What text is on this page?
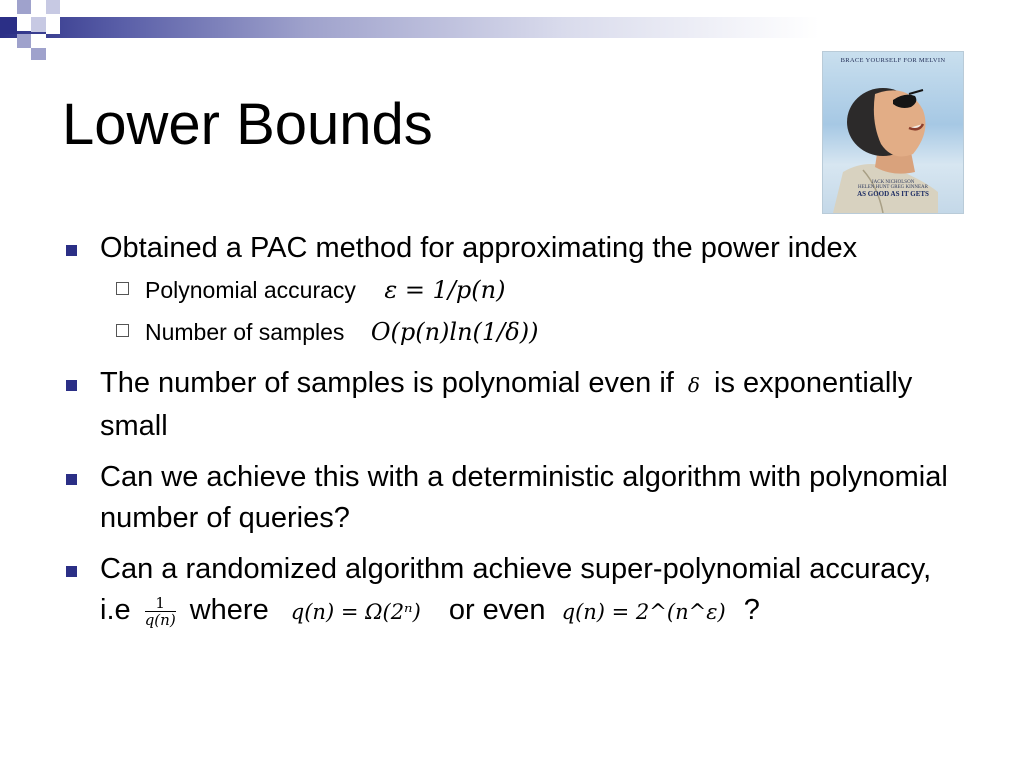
Lower Bounds
BRACE YOURSELF FOR MELVIN
JACK NICHOLSON
HELEN HUNT GREG KINNEAR
AS GOOD AS IT GETS
Obtained a PAC method for approximating the power index
Polynomial accuracy ε = 1/p(n)
Number of samples O(p(n)ln(1/δ))
The number of samples is polynomial even if δ is exponentially small
Can we achieve this with a deterministic algorithm with polynomial number of queries?
Can a randomized algorithm achieve super-polynomial accuracy, $i.e \frac{1}{q(n)}$ where q(n) = Ω(2ⁿ) or even q(n) = 2^(n^ε) ?
